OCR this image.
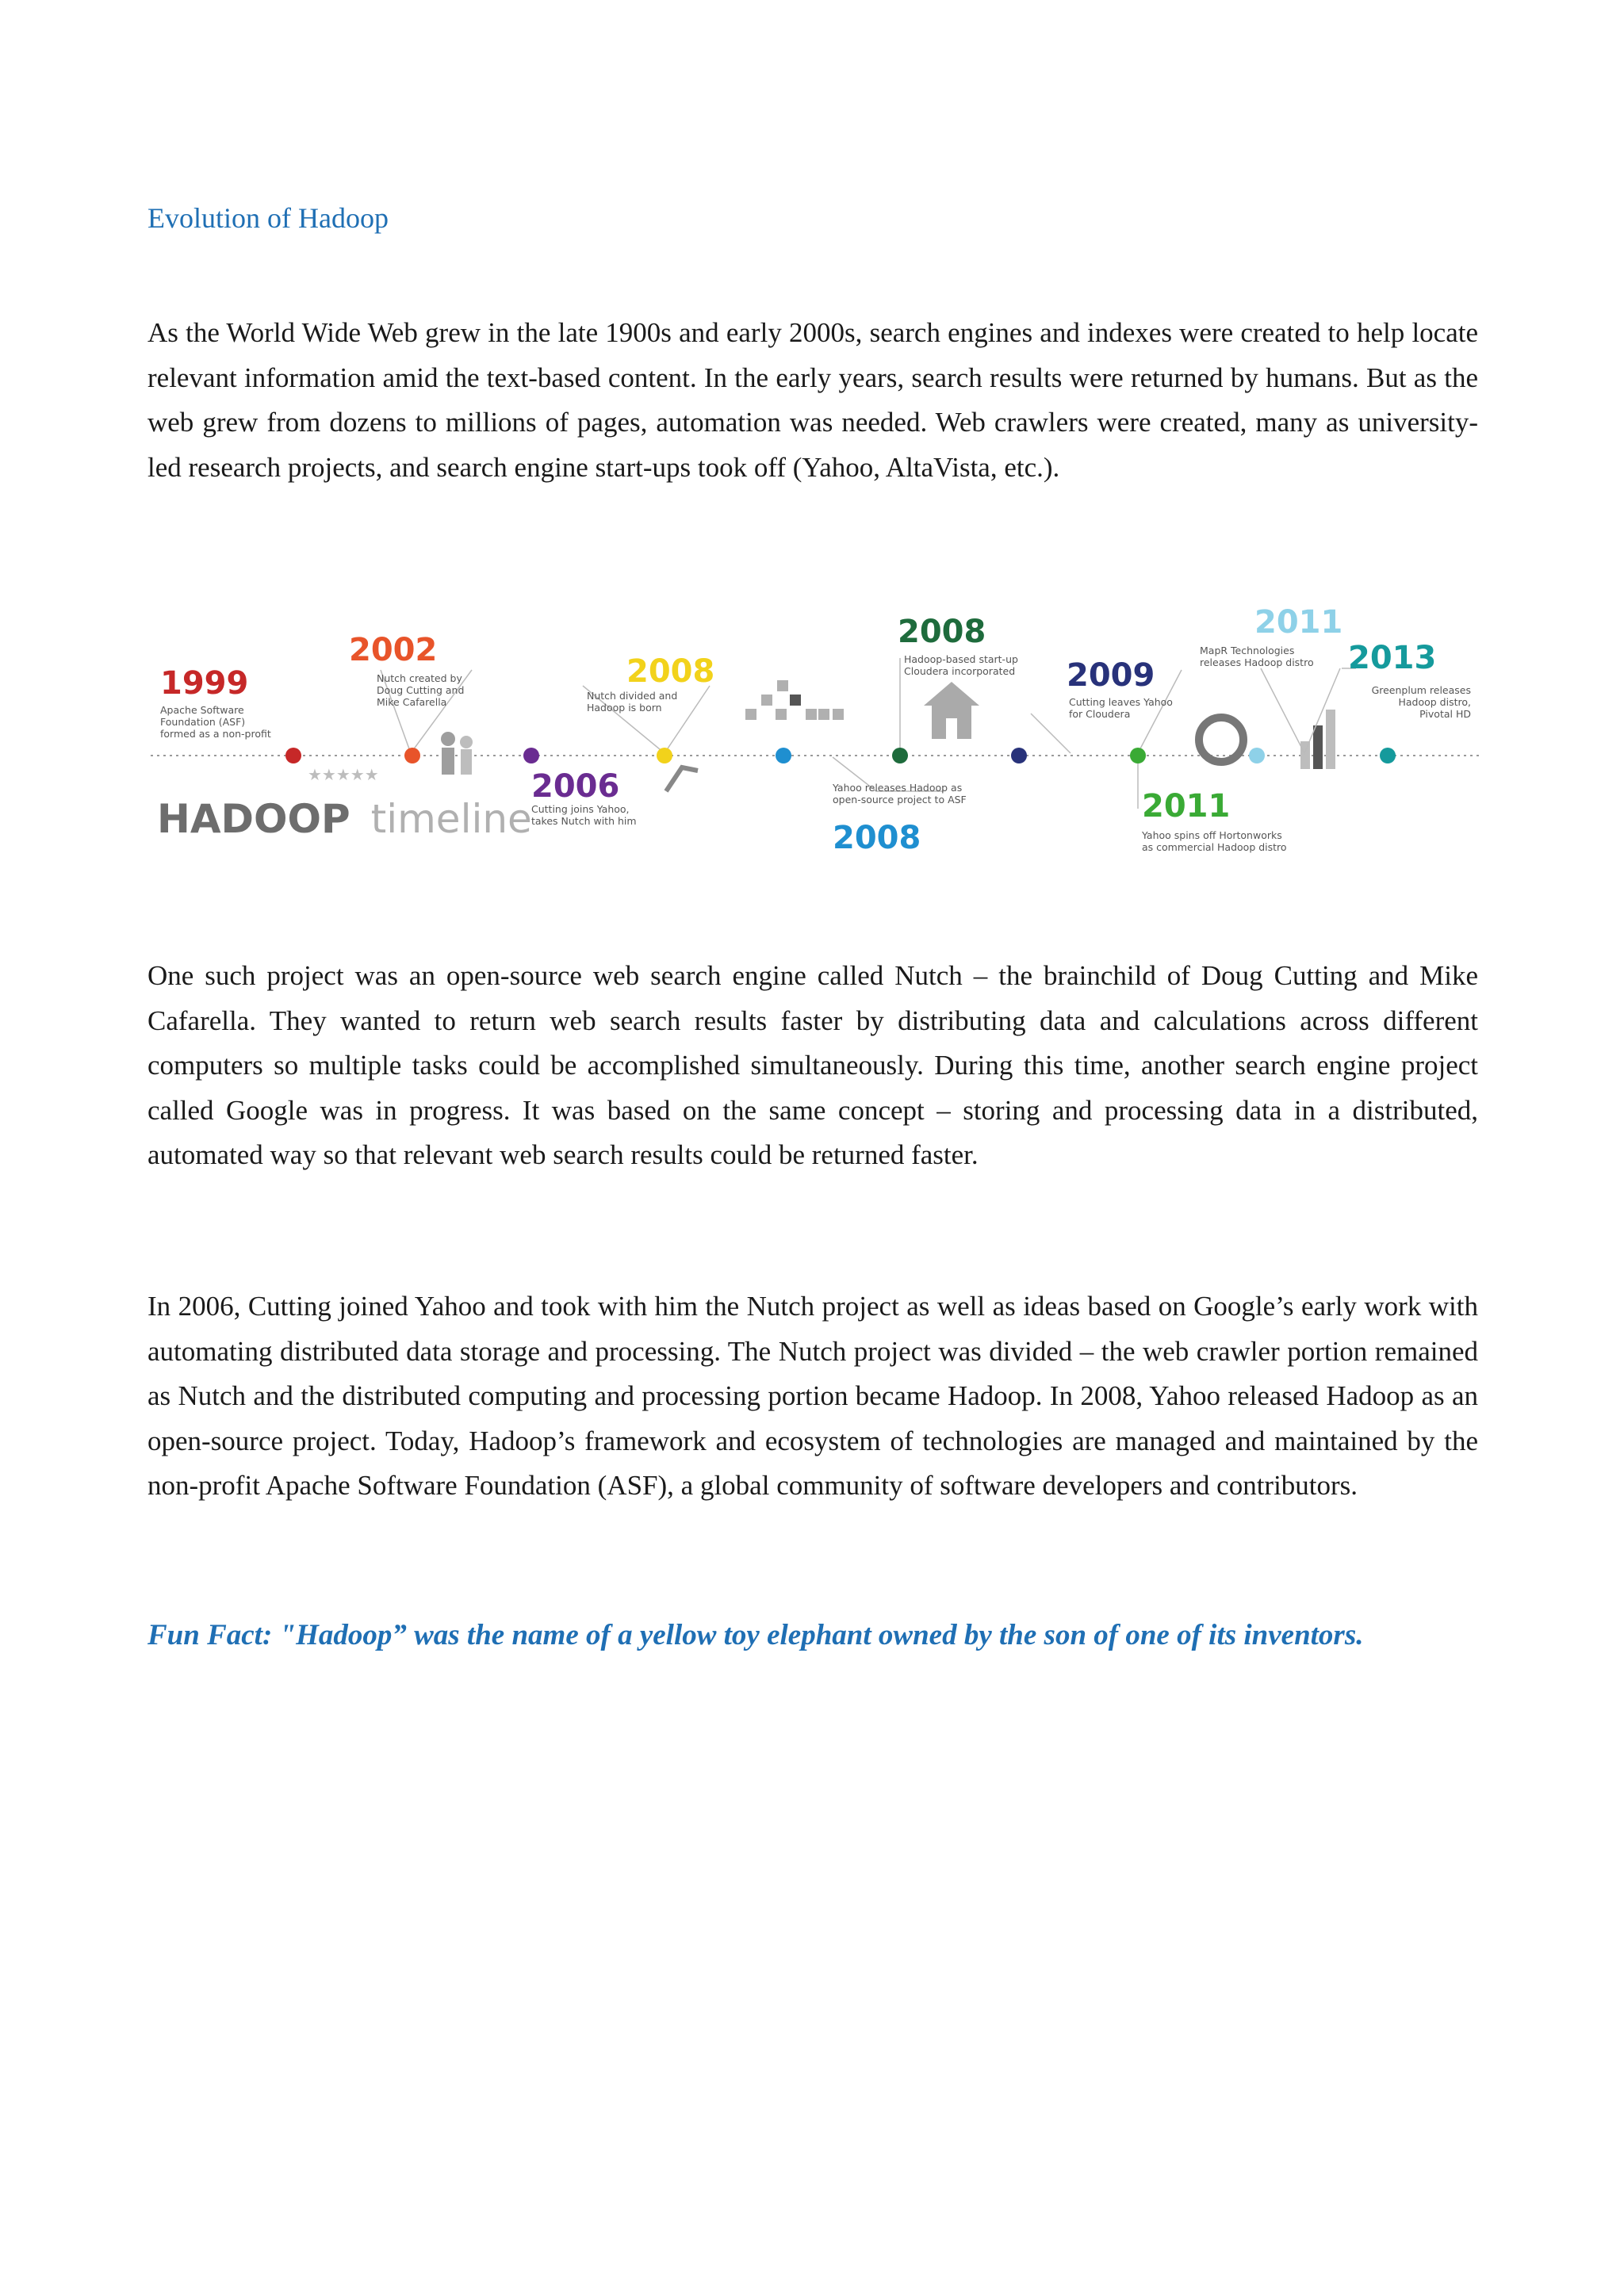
Evolution of Hadoop

As the World Wide Web grew in the late 1900s and early 2000s, search engines and indexes were created to help locate relevant information amid the text-based content. In the early years, search results were returned by humans. But as the web grew from dozens to millions of pages, automation was needed. Web crawlers were created, many as university-led research projects, and search engine start-ups took off (Yahoo, AltaVista, etc.).

★★★★★
HADOOP timeline
1999
Apache Software Foundation (ASF) formed as a non-profit
2002
Nutch created by Doug Cutting and Mike Cafarella
2006
Cutting joins Yahoo, takes Nutch with him
2008
Nutch divided and Hadoop is born
2008
Yahoo releases Hadoop as open-source project to ASF
2008
Hadoop-based start-up Cloudera incorporated 2009
Cutting leaves Yahoo for Cloudera
2011
Yahoo spins off Hortonworks as commercial Hadoop distro
2011
MapR Technologies releases Hadoop distro 2013
Greenplum releases Hadoop distro, Pivotal HD

One such project was an open-source web search engine called Nutch – the brainchild of Doug Cutting and Mike Cafarella. They wanted to return web search results faster by distributing data and calculations across different computers so multiple tasks could be accomplished simultaneously. During this time, another search engine project called Google was in progress. It was based on the same concept – storing and processing data in a distributed, automated way so that relevant web search results could be returned faster.

In 2006, Cutting joined Yahoo and took with him the Nutch project as well as ideas based on Google’s early work with automating distributed data storage and processing. The Nutch project was divided – the web crawler portion remained as Nutch and the distributed computing and processing portion became Hadoop. In 2008, Yahoo released Hadoop as an open-source project. Today, Hadoop’s framework and ecosystem of technologies are managed and maintained by the non-profit Apache Software Foundation (ASF), a global community of software developers and contributors.

Fun Fact: "Hadoop” was the name of a yellow toy elephant owned by the son of one of its inventors.
